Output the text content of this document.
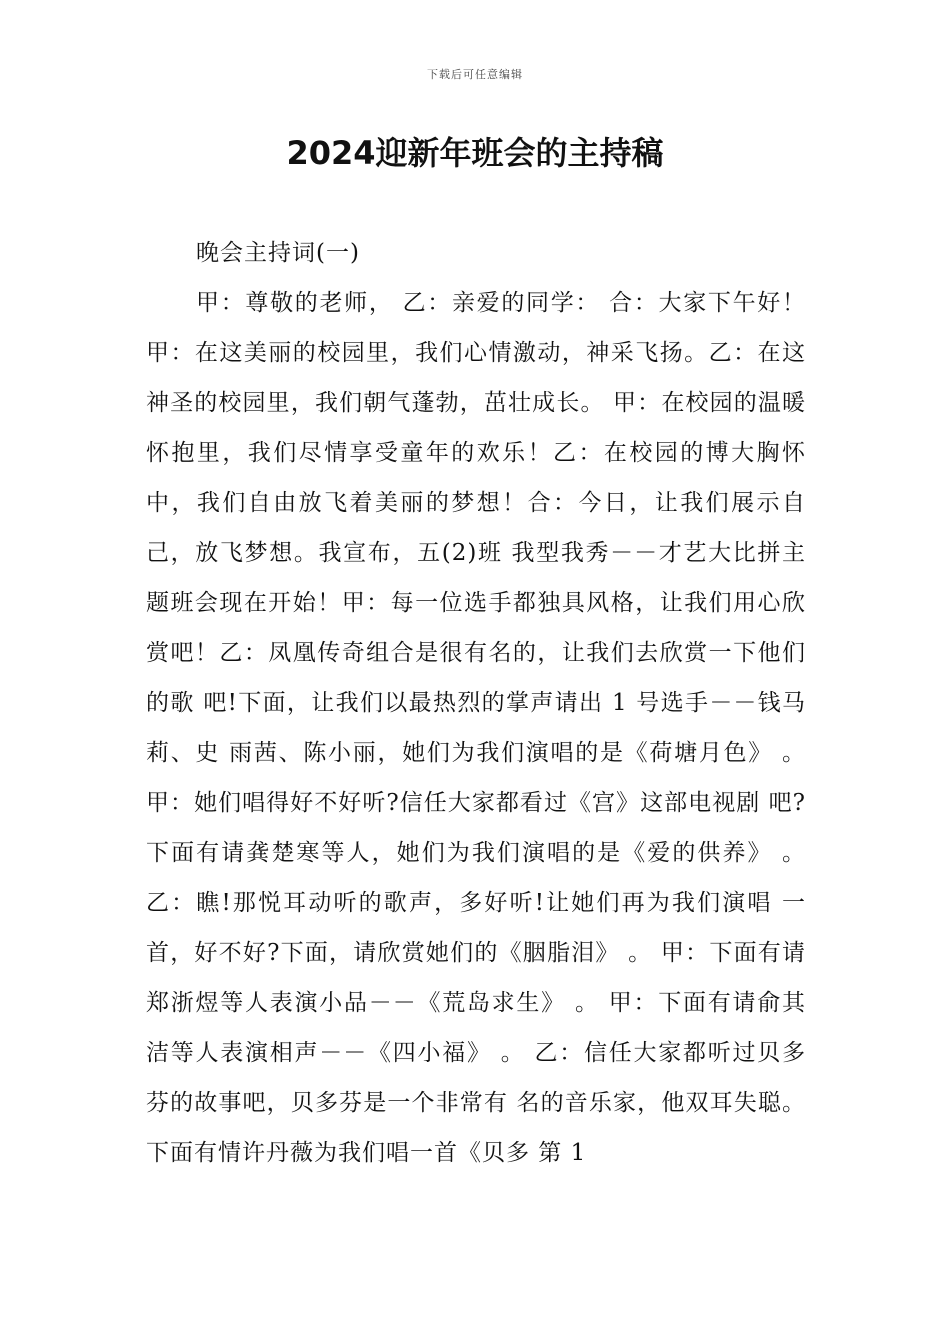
下载后可任意编辑
2024迎新年班会的主持稿

晚会主持词(一)

甲：尊敬的老师， 乙：亲爱的同学： 合：大家下午好！甲：在这美丽的校园里，我们心情激动，神采飞扬。乙：在这神圣的校园里，我们朝气蓬勃，茁壮成长。 甲：在校园的温暖怀抱里，我们尽情享受童年的欢乐！乙：在校园的博大胸怀中，我们自由放飞着美丽的梦想！合：今日，让我们展示自己，放飞梦想。我宣布，五(2)班 我型我秀－－才艺大比拼主题班会现在开始！甲：每一位选手都独具风格，让我们用心欣赏吧！乙：凤凰传奇组合是很有名的，让我们去欣赏一下他们的歌 吧!下面，让我们以最热烈的掌声请出 1 号选手－－钱马莉、史 雨茜、陈小丽，她们为我们演唱的是《荷塘月色》 。 甲：她们唱得好不好听?信任大家都看过《宫》这部电视剧 吧?下面有请龚楚寒等人，她们为我们演唱的是《爱的供养》 。 乙：瞧!那悦耳动听的歌声，多好听!让她们再为我们演唱 一首，好不好?下面，请欣赏她们的《胭脂泪》 。 甲：下面有请郑浙煜等人表演小品－－《荒岛求生》 。 甲：下面有请俞其洁等人表演相声－－《四小福》 。 乙：信任大家都听过贝多芬的故事吧，贝多芬是一个非常有 名的音乐家，他双耳失聪。下面有情许丹薇为我们唱一首《贝多 第 1
